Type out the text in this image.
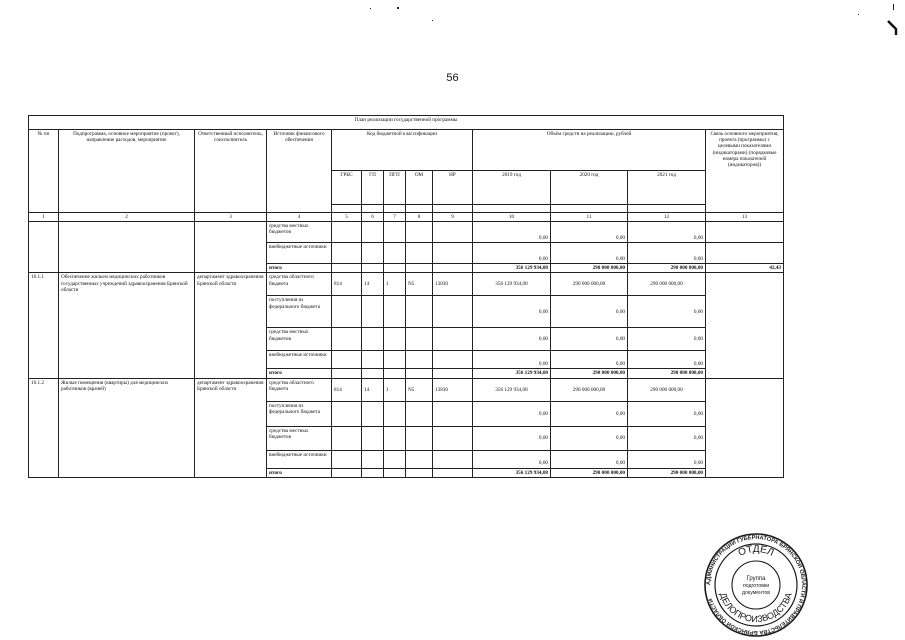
56
План реализации государственной программы												
№ пп	Подпрограмма, основное мероприятие (проект), направление расходов, мероприятие	Ответственный исполнитель, соисполнитель	Источник финансового обеспечения	Код бюджетной классификации					Объём средств на реализацию, рублей			Связь основного мероприятия, проекта (программы) с целевыми показателями (индикаторами) (порядковые номера показателей (индикаторов))
				ГРБС	ГП	ПГП	ОМ	НР	2019 год	2020 год	2021 год	

1	2	3	4	5	6	7	8	9	10	11	12	13
			средства местных бюджетов						0,00	0,00	0,00	
			внебюджетные источники						0,00	0,00	0,00	
			итого						356 129 934,08	290 000 000,00	290 000 000,00	42,43
16.1.1	Обеспечение жильем медицинских работников государственных учреждений здравоохранения Брянской области	департамент здравоохранения Брянской области	средства областного бюджета	814	14	1	N5	13830	356 129 934,08	290 000 000,00	290 000 000,00	
			поступления из федерального бюджета						0,00	0,00	0,00	
			средства местных бюджетов						0,00	0,00	0,00	
			внебюджетные источники						0,00	0,00	0,00	
			итого						356 129 934,08	290 000 000,00	290 000 000,00	
16.1.2	Жилые помещения (квартиры) для медицинских работников (врачей)	департамент здравоохранения Брянской области	средства областного бюджета	814	14	1	N5	13830	356 129 934,08	290 000 000,00	290 000 000,00	
			поступления из федерального бюджета						0,00	0,00	0,00	
			средства местных бюджетов						0,00	0,00	0,00	
			внебюджетные источники						0,00	0,00	0,00	
			итого						356 129 934,08	290 000 000,00	290 000 000,00	
АДМИНИСТРАЦИИ ГУБЕРНАТОРА БРЯНСКОЙ ОБЛАСТИ И ПРАВИТЕЛЬСТВА БРЯНСКОЙ ОБЛАСТИ
ОТДЕЛ
ДЕЛОПРОИЗВОДСТВА
Группа
подготовки
документов
